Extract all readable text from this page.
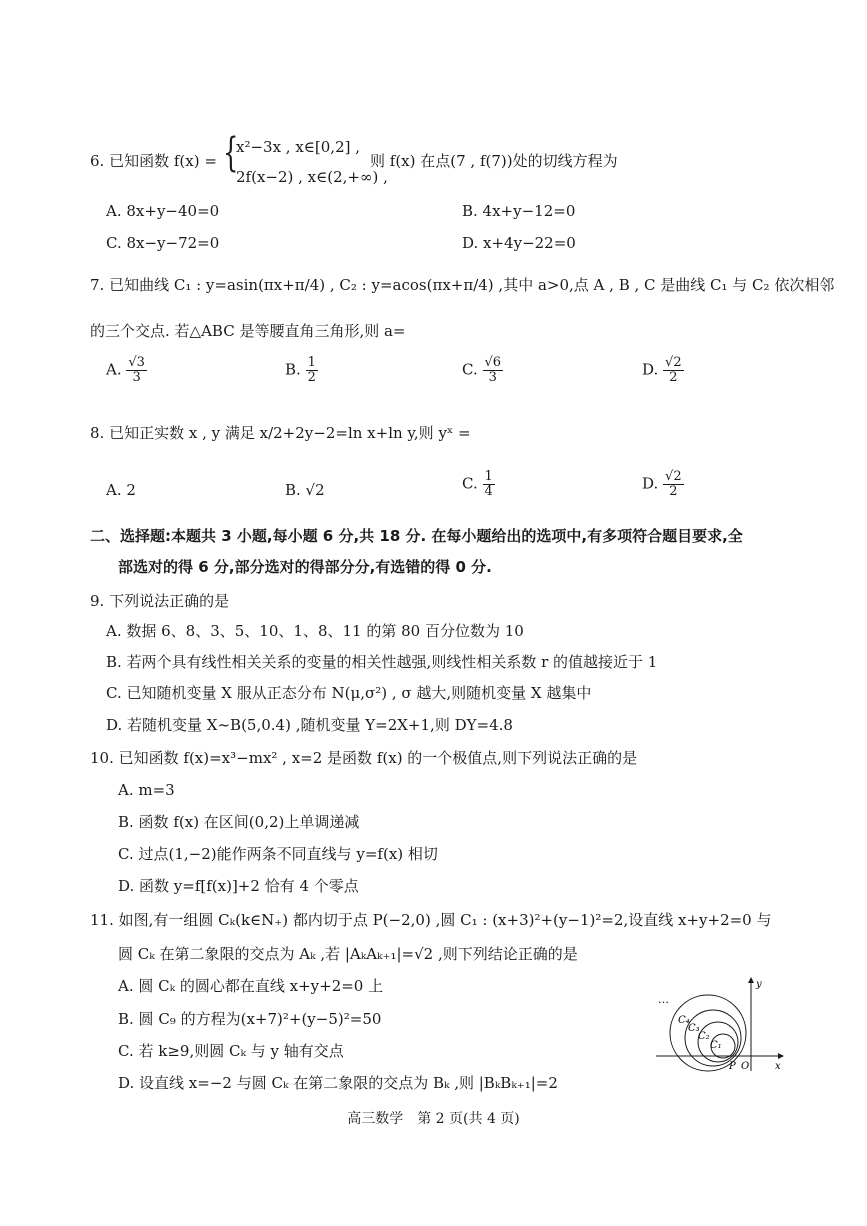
6. 已知函数 f(x) = {
x²−3x , x∈[0,2] ,
2f(x−2) , x∈(2,+∞) ,
则 f(x) 在点(7 , f(7))处的切线方程为
A. 8x+y−40=0	B. 4x+y−12=0
C. 8x−y−72=0	D. x+4y−22=0
7. 已知曲线 C₁ : y=asin(πx+π/4) , C₂ : y=acos(πx+π/4) ,其中 a>0,点 A , B , C 是曲线 C₁ 与 C₂ 依次相邻
的三个交点. 若△ABC 是等腰直角三角形,则 a=
A. $\frac{√3}{3}$	B. $\frac{1}{2}$	C. $\frac{√6}{3}$	D. $\frac{√2}{2}$
8. 已知正实数 x , y 满足 x/2+2y−2=ln x+ln y,则 yˣ =
A. 2	B. √2	C. $\frac{1}{4}$	D. $\frac{√2}{2}$
二、选择题:本题共 3 小题,每小题 6 分,共 18 分. 在每小题给出的选项中,有多项符合题目要求,全
部选对的得 6 分,部分选对的得部分分,有选错的得 0 分.
9. 下列说法正确的是
A. 数据 6、8、3、5、10、1、8、11 的第 80 百分位数为 10
B. 若两个具有线性相关关系的变量的相关性越强,则线性相关系数 r 的值越接近于 1
C. 已知随机变量 X 服从正态分布 N(μ,σ²) , σ 越大,则随机变量 X 越集中
D. 若随机变量 X~B(5,0.4) ,随机变量 Y=2X+1,则 DY=4.8
10. 已知函数 f(x)=x³−mx² , x=2 是函数 f(x) 的一个极值点,则下列说法正确的是
A. m=3
B. 函数 f(x) 在区间(0,2)上单调递减
C. 过点(1,−2)能作两条不同直线与 y=f(x) 相切
D. 函数 y=f[f(x)]+2 恰有 4 个零点
11. 如图,有一组圆 Cₖ(k∈N₊) 都内切于点 P(−2,0) ,圆 C₁ : (x+3)²+(y−1)²=2,设直线 x+y+2=0 与
圆 Cₖ 在第二象限的交点为 Aₖ ,若 |AₖAₖ₊₁|=√2 ,则下列结论正确的是
A. 圆 Cₖ 的圆心都在直线 x+y+2=0 上
B. 圆 C₉ 的方程为(x+7)²+(y−5)²=50
C. 若 k≥9,则圆 Cₖ 与 y 轴有交点
D. 设直线 x=−2 与圆 Cₖ 在第二象限的交点为 Bₖ ,则 |BₖBₖ₊₁|=2
…
C₄
C₃
C₂
C₁
P O	x
y
高三数学　第 2 页(共 4 页)
